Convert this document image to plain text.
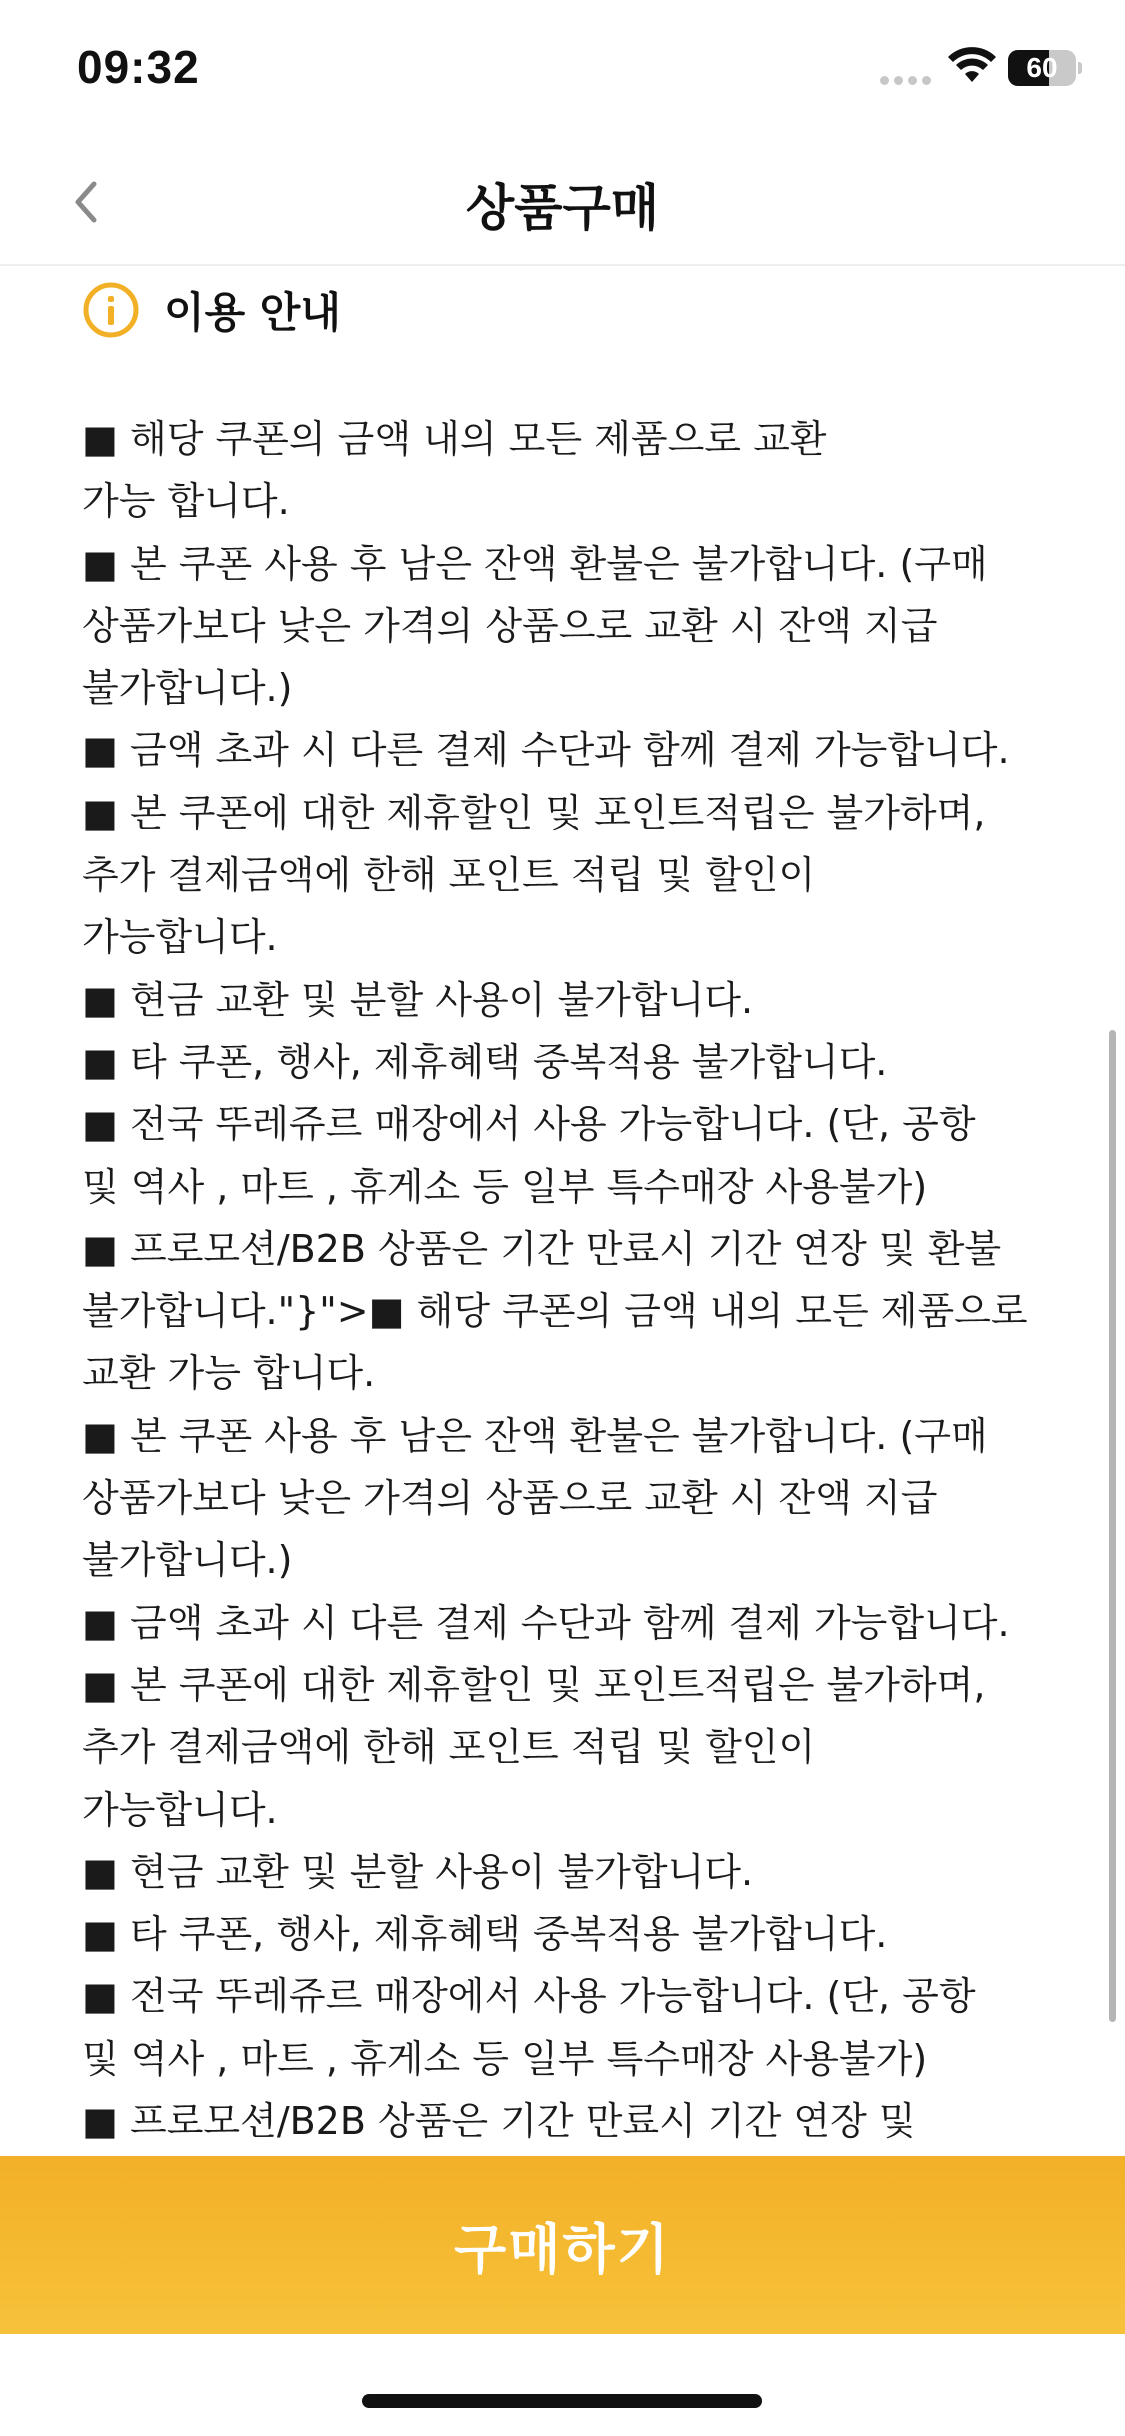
09:32	60
상품구매
이용 안내
■ 해당 쿠폰의 금액 내의 모든 제품으로 교환
가능 합니다.
■ 본 쿠폰 사용 후 남은 잔액 환불은 불가합니다. (구매
상품가보다 낮은 가격의 상품으로 교환 시 잔액 지급
불가합니다.)
■ 금액 초과 시 다른 결제 수단과 함께 결제 가능합니다.
■ 본 쿠폰에 대한 제휴할인 및 포인트적립은 불가하며,
추가 결제금액에 한해 포인트 적립 및 할인이
가능합니다.
■ 현금 교환 및 분할 사용이 불가합니다.
■ 타 쿠폰, 행사, 제휴혜택 중복적용 불가합니다.
■ 전국 뚜레쥬르 매장에서 사용 가능합니다. (단, 공항
및 역사 , 마트 , 휴게소 등 일부 특수매장 사용불가)
■ 프로모션/B2B 상품은 기간 만료시 기간 연장 및 환불
불가합니다."}">■ 해당 쿠폰의 금액 내의 모든 제품으로
교환 가능 합니다.
■ 본 쿠폰 사용 후 남은 잔액 환불은 불가합니다. (구매
상품가보다 낮은 가격의 상품으로 교환 시 잔액 지급
불가합니다.)
■ 금액 초과 시 다른 결제 수단과 함께 결제 가능합니다.
■ 본 쿠폰에 대한 제휴할인 및 포인트적립은 불가하며,
추가 결제금액에 한해 포인트 적립 및 할인이
가능합니다.
■ 현금 교환 및 분할 사용이 불가합니다.
■ 타 쿠폰, 행사, 제휴혜택 중복적용 불가합니다.
■ 전국 뚜레쥬르 매장에서 사용 가능합니다. (단, 공항
및 역사 , 마트 , 휴게소 등 일부 특수매장 사용불가)
■ 프로모션/B2B 상품은 기간 만료시 기간 연장 및
구매하기
